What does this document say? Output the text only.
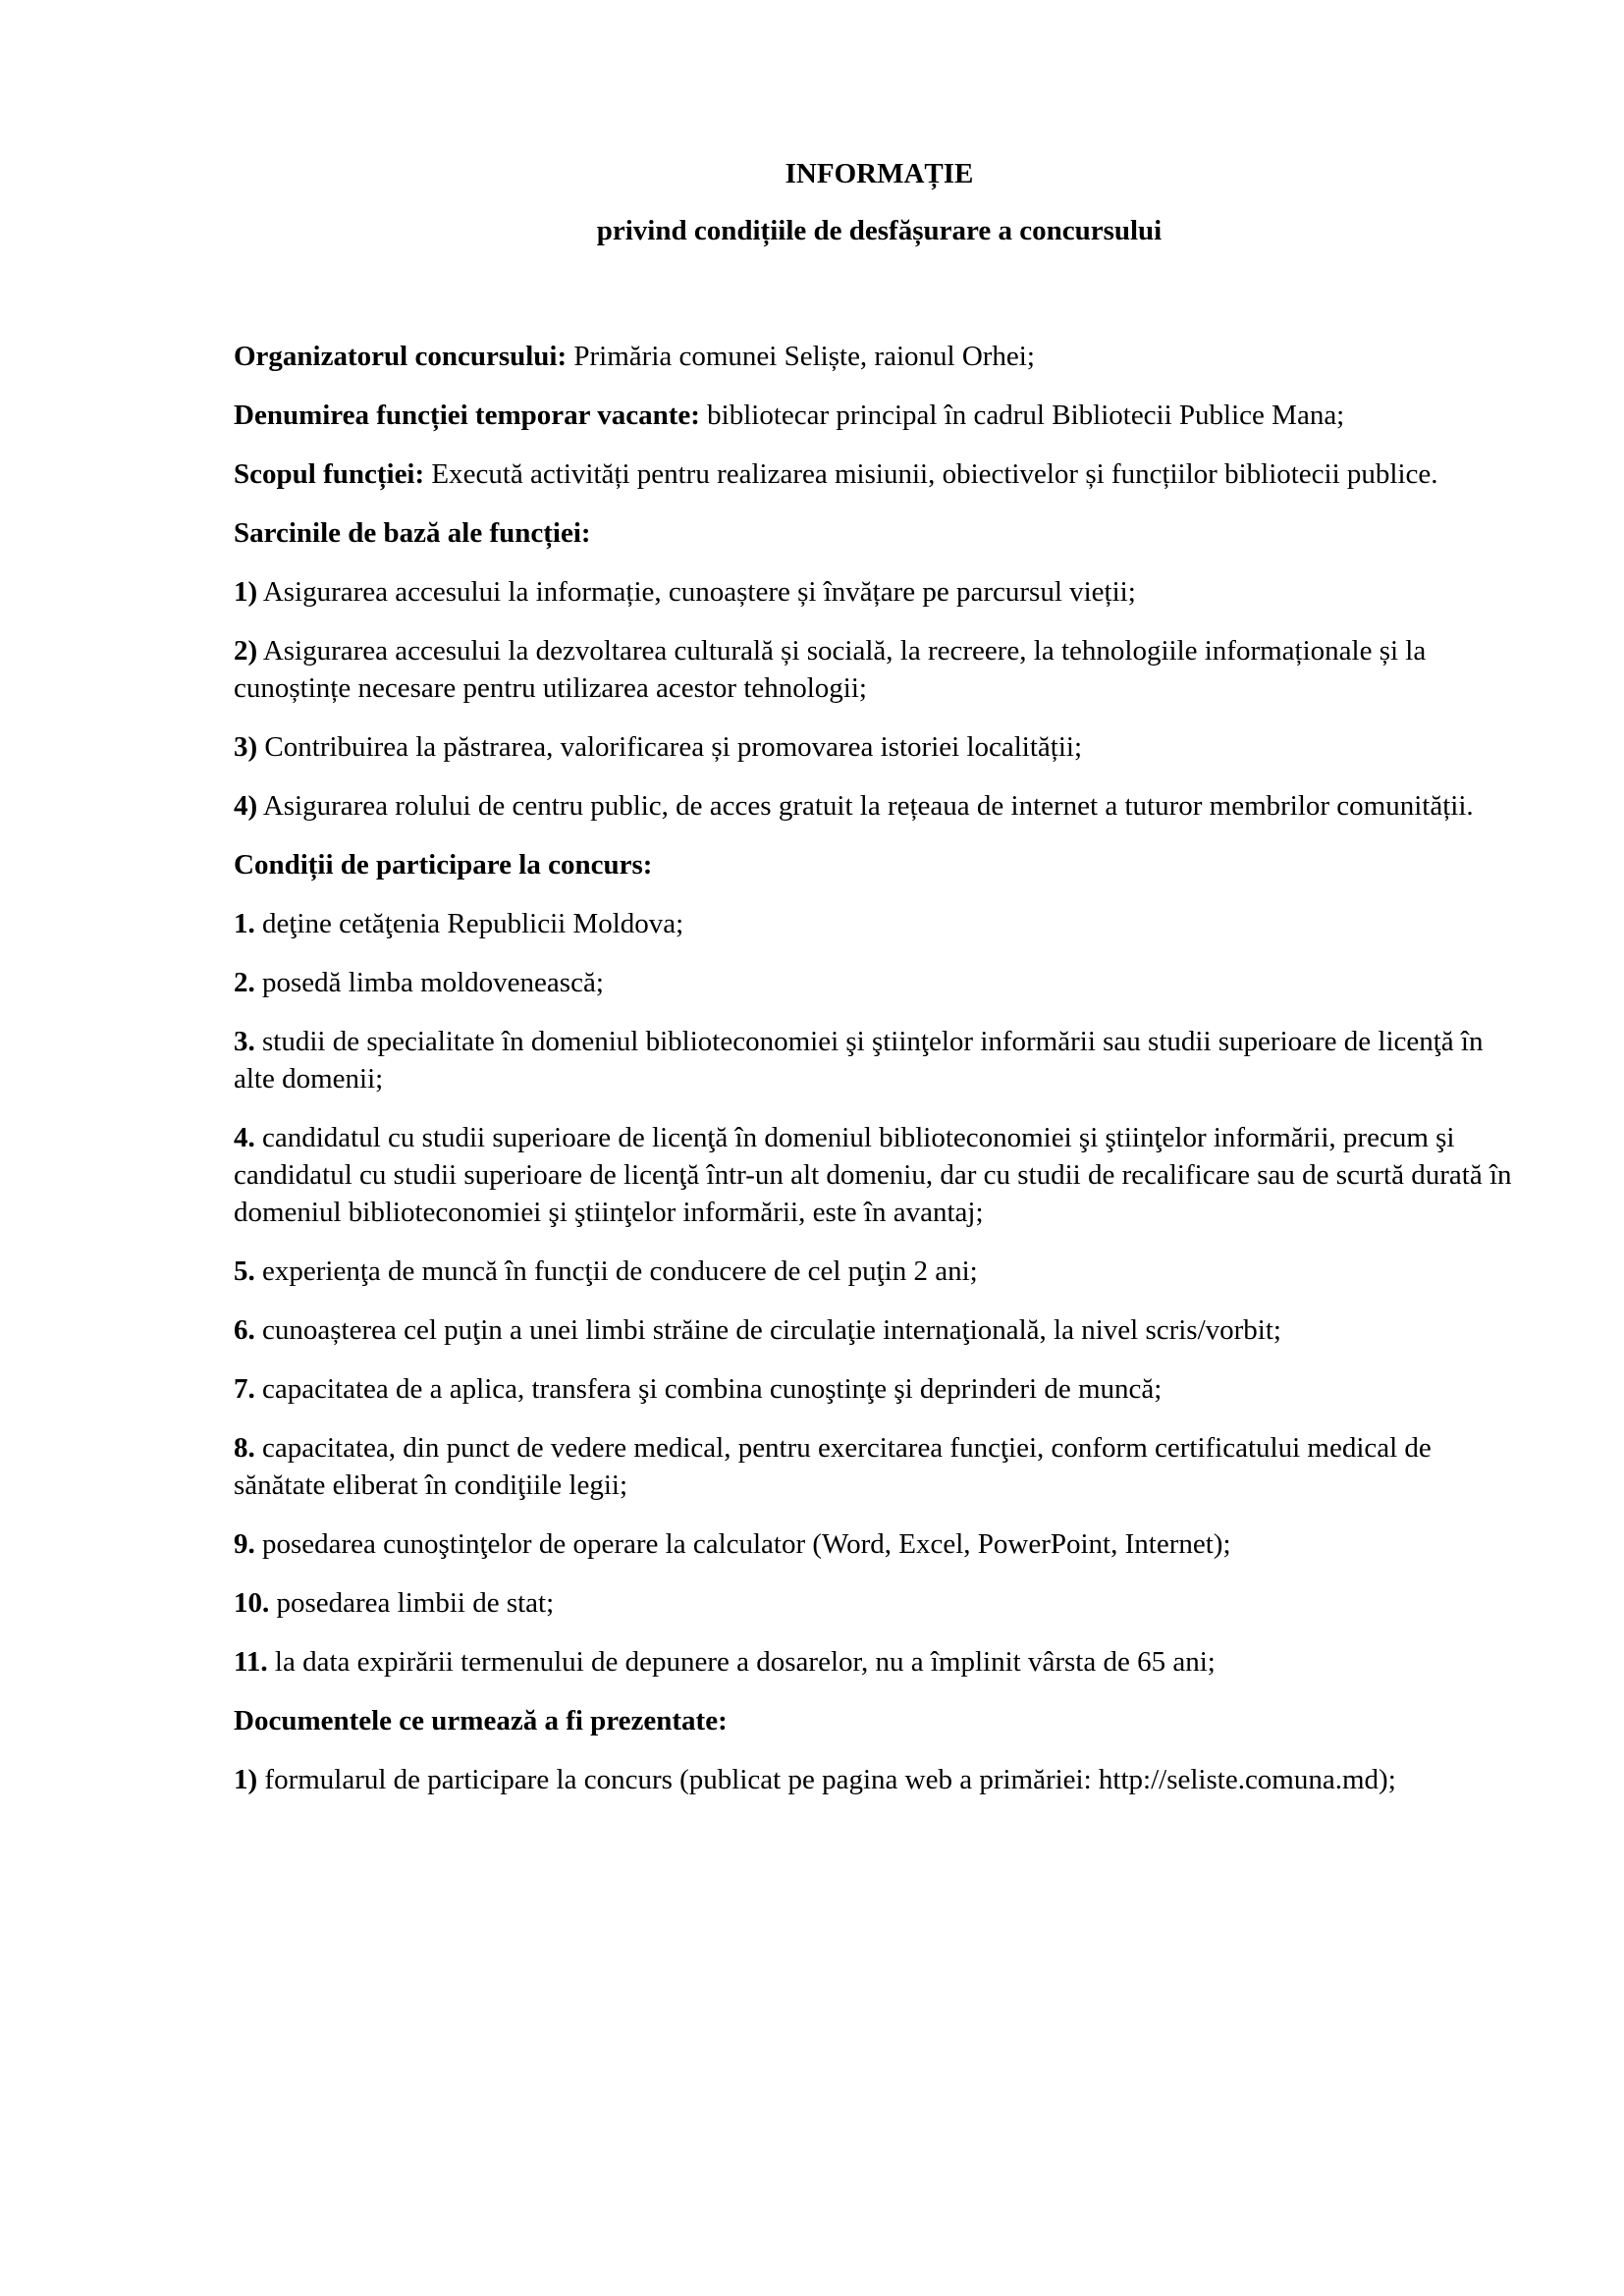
INFORMAȚIE

privind condițiile de desfășurare a concursului

Organizatorul concursului: Primăria comunei Seliște, raionul Orhei;

Denumirea funcției temporar vacante: bibliotecar principal în cadrul Bibliotecii Publice Mana;

Scopul funcției: Execută activități pentru realizarea misiunii, obiectivelor și funcțiilor bibliotecii publice.

Sarcinile de bază ale funcției:

1) Asigurarea accesului la informație, cunoaștere și învățare pe parcursul vieții;

2) Asigurarea accesului la dezvoltarea culturală și socială, la recreere, la tehnologiile informaționale și la cunoștințe necesare pentru utilizarea acestor tehnologii;

3) Contribuirea la păstrarea, valorificarea și promovarea istoriei localității;

4) Asigurarea rolului de centru public, de acces gratuit la rețeaua de internet a tuturor membrilor comunității.

Condiții de participare la concurs:

1. deţine cetăţenia Republicii Moldova;

2. posedă limba moldovenească;

3. studii de specialitate în domeniul biblioteconomiei şi ştiinţelor informării sau studii superioare de licenţă în alte domenii;

4. candidatul cu studii superioare de licenţă în domeniul biblioteconomiei şi ştiinţelor informării, precum şi candidatul cu studii superioare de licenţă într-un alt domeniu, dar cu studii de recalificare sau de scurtă durată în domeniul biblioteconomiei şi ştiinţelor informării, este în avantaj;

5. experienţa de muncă în funcţii de conducere de cel puţin 2 ani;

6. cunoașterea cel puţin a unei limbi străine de circulaţie internaţională, la nivel scris/vorbit;

7. capacitatea de a aplica, transfera şi combina cunoştinţe şi deprinderi de muncă;

8. capacitatea, din punct de vedere medical, pentru exercitarea funcţiei, conform certificatului medical de sănătate eliberat în condiţiile legii;

9. posedarea cunoştinţelor de operare la calculator (Word, Excel, PowerPoint, Internet);

10. posedarea limbii de stat;

11. la data expirării termenului de depunere a dosarelor, nu a împlinit vârsta de 65 ani;

Documentele ce urmează a fi prezentate:

1) formularul de participare la concurs (publicat pe pagina web a primăriei: http://seliste.comuna.md);
